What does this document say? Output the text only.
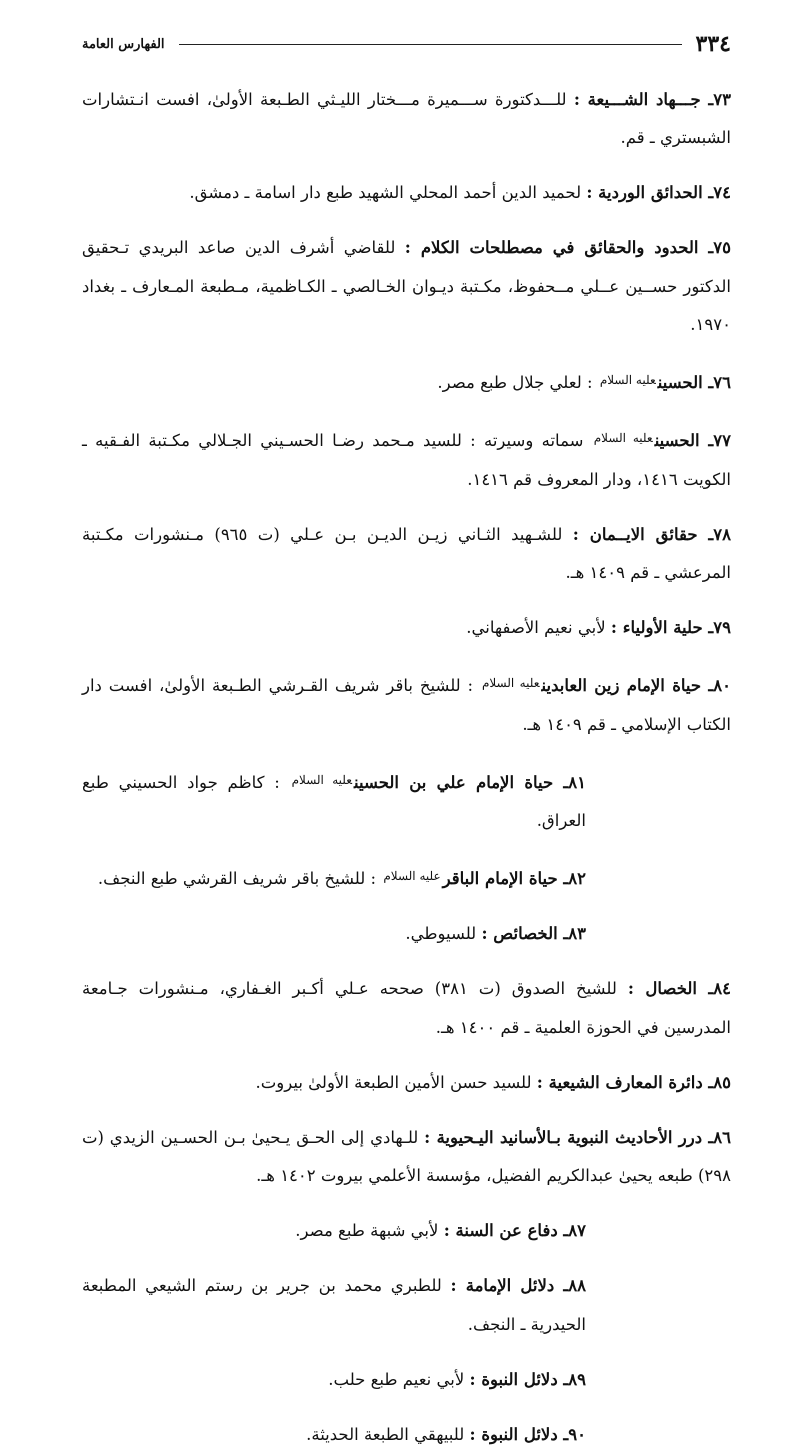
٣٣٤
الفهارس العامة

٧٣ـ جـــهاد الشـــيعة : للـــدكتورة ســـميرة مـــختار الليـثي الطـبعة الأولىٰ، افست انـتشارات الشبستري ـ قم.

٧٤ـ الحدائق الوردية : لحميد الدين أحمد المحلي الشهيد طبع دار اسامة ـ دمشق.

٧٥ـ الحدود والحقائق في مصطلحات الكلام : للقاضي أشرف الدين صاعد البريدي تـحقيق الدكتور حســين عــلي مــحفوظ، مكـتبة ديـوان الخـالصي ـ الكـاظمية، مـطبعة المـعارف ـ بغداد ١٩٧٠.

٧٦ـ الحسين$^{عليه السلام}$ : لعلي جلال طبع مصر.

٧٧ـ الحسين$^{عليه السلام}$ سماته وسيرته : للسيد مـحمد رضـا الحسـيني الجـلالي مكـتبة الفـقيه ـ الكويت ١٤١٦، ودار المعروف قم ١٤١٦.

٧٨ـ حقائق الايــمان : للشـهيد الثـاني زيـن الديـن بـن عـلي (ت ٩٦٥) مـنشورات مكـتبة المرعشي ـ قم ١٤٠٩ هـ.

٧٩ـ حلية الأولياء : لأبي نعيم الأصفهاني.

٨٠ـ حياة الإمام زين العابدين$^{عليه السلام}$ : للشيخ باقر شريف القـرشي الطـبعة الأولىٰ، افست دار الكتاب الإسلامي ـ قم ١٤٠٩ هـ.

٨١ـ حياة الإمام علي بن الحسين$^{عليه السلام}$ : كاظم جواد الحسيني طبع العراق.

٨٢ـ حياة الإمام الباقر$^{عليه السلام}$ : للشيخ باقر شريف القرشي طبع النجف.

٨٣ـ الخصائص : للسيوطي.

٨٤ـ الخصال : للشيخ الصدوق (ت ٣٨١) صححه عـلي أكـبر الغـفاري، مـنشورات جـامعة المدرسين في الحوزة العلمية ـ قم ١٤٠٠ هـ.

٨٥ـ دائرة المعارف الشيعية : للسيد حسن الأمين الطبعة الأولىٰ بيروت.

٨٦ـ درر الأحاديث النبوية بـالأسانيد اليـحيوية : للـهادي إلى الحـق يـحيىٰ بـن الحسـين الزيدي (ت ٢٩٨) طبعه يحيىٰ عبدالكريم الفضيل، مؤسسة الأعلمي بيروت ١٤٠٢ هـ.

٨٧ـ دفاع عن السنة : لأبي شبهة طبع مصر.

٨٨ـ دلائل الإمامة : للطبري محمد بن جرير بن رستم الشيعي المطبعة الحيدرية ـ النجف.

٨٩ـ دلائل النبوة : لأبي نعيم طبع حلب.

٩٠ـ دلائل النبوة : للبيهقي الطبعة الحديثة.
